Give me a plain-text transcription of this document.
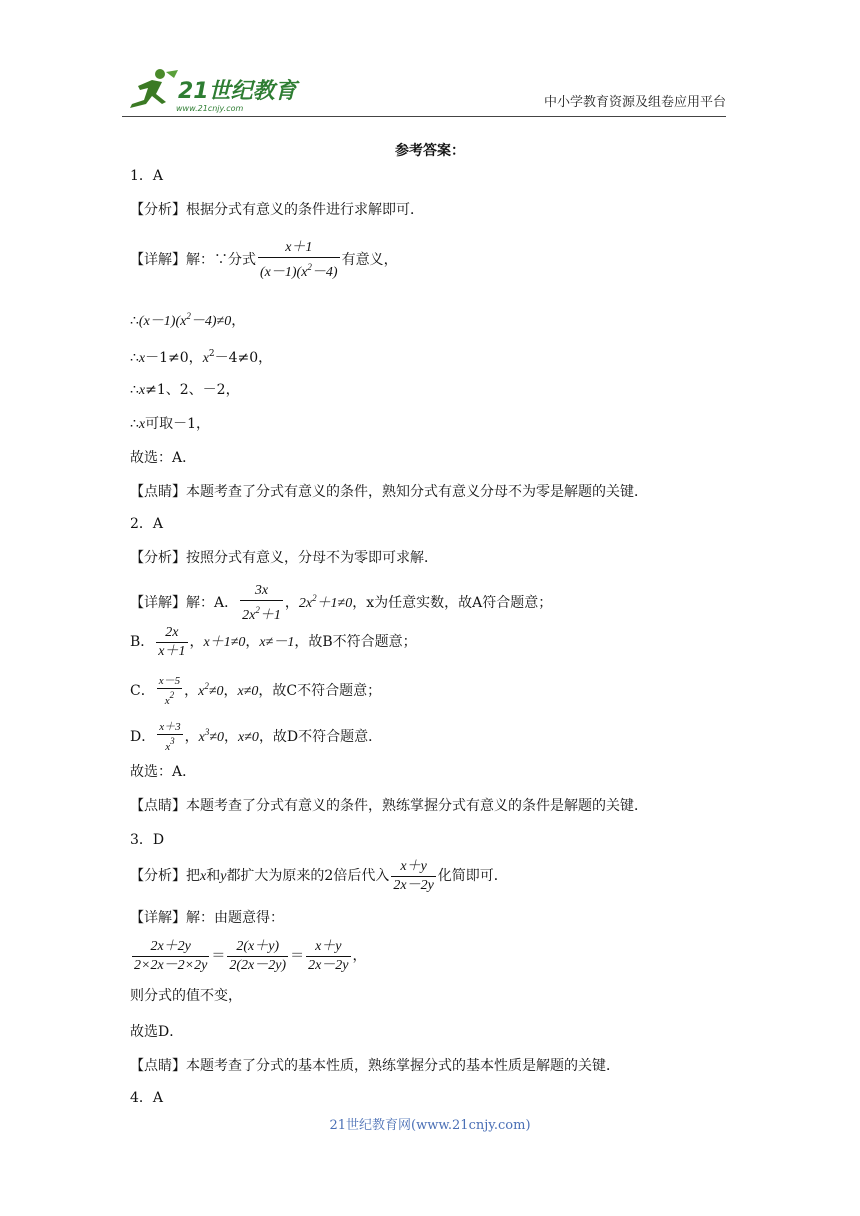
21世纪教育
www.21cnjy.com	中小学教育资源及组卷应用平台
参考答案：
1．A
【分析】根据分式有意义的条件进行求解即可．
【详解】解：∵分式 $\frac{x+1}{(x-1)(x^2-4)}$ 有意义，
$\therefore(x-1)(x^2-4)\ne 0$，
∴x－1≠0，$x^2-4\ne 0$，
∴x≠1、2、－2，
∴x可取－1，
故选：A．
【点睛】本题考查了分式有意义的条件，熟知分式有意义分母不为零是解题的关键．
2．A
【分析】按照分式有意义，分母不为零即可求解．
【详解】解：A． $\frac{3x}{2x^2+1}$ ，$2x^2+1\ne 0$，x为任意实数，故A符合题意；
B． $\frac{2x}{x+1}$ ，x＋1≠0，x≠－1，故B不符合题意；
C． $\frac{x-5}{x^2}$ ，$x^2\ne 0$，x≠0，故C不符合题意；
D． $\frac{x+3}{x^3}$ ，$x^3\ne 0$，x≠0，故D不符合题意．
故选：A．
【点睛】本题考查了分式有意义的条件，熟练掌握分式有意义的条件是解题的关键．
3．D
【分析】把x和y都扩大为原来的2倍后代入 $\frac{x+y}{2x-2y}$ 化简即可．
【详解】解：由题意得：
$\frac{2x+2y}{2\times 2x-2\times 2y} = \frac{2(x+y)}{2(2x-2y)} = \frac{x+y}{2x-2y}$ ，
则分式的值不变，
故选D．
【点睛】本题考查了分式的基本性质，熟练掌握分式的基本性质是解题的关键．
4．A
21世纪教育网(www.21cnjy.com)
